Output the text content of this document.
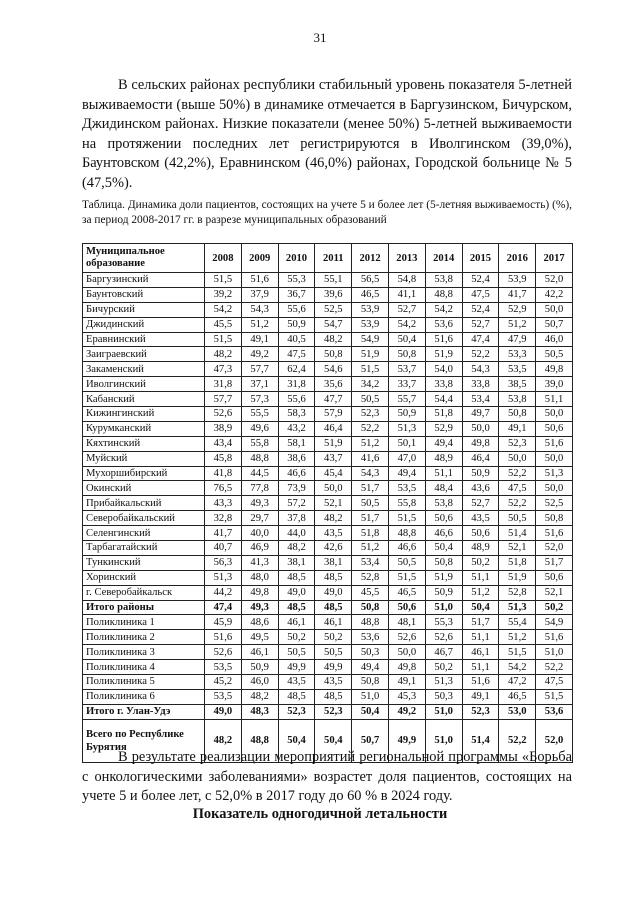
31

В сельских районах республики стабильный уровень показателя 5-летней выживаемости (выше 50%) в динамике отмечается в Баргузинском, Бичурском, Джидинском районах. Низкие показатели (менее 50%) 5-летней выживаемости на протяжении последних лет регистрируются в Иволгинском (39,0%), Баунтовском (42,2%), Еравнинском (46,0%) районах, Городской больнице № 5 (47,5%).

Таблица. Динамика доли пациентов, состоящих на учете 5 и более лет (5-летняя выживаемость) (%), за период 2008-2017 гг. в разрезе муниципальных образований

Муниципальное образование	2008	2009	2010	2011	2012	2013	2014	2015	2016	2017
Баргузинский	51,5	51,6	55,3	55,1	56,5	54,8	53,8	52,4	53,9	52,0
Баунтовский	39,2	37,9	36,7	39,6	46,5	41,1	48,8	47,5	41,7	42,2
Бичурский	54,2	54,3	55,6	52,5	53,9	52,7	54,2	52,4	52,9	50,0
Джидинский	45,5	51,2	50,9	54,7	53,9	54,2	53,6	52,7	51,2	50,7
Еравнинский	51,5	49,1	40,5	48,2	54,9	50,4	51,6	47,4	47,9	46,0
Заиграевский	48,2	49,2	47,5	50,8	51,9	50,8	51,9	52,2	53,3	50,5
Закаменский	47,3	57,7	62,4	54,6	51,5	53,7	54,0	54,3	53,5	49,8
Иволгинский	31,8	37,1	31,8	35,6	34,2	33,7	33,8	33,8	38,5	39,0
Кабанский	57,7	57,3	55,6	47,7	50,5	55,7	54,4	53,4	53,8	51,1
Кижингинский	52,6	55,5	58,3	57,9	52,3	50,9	51,8	49,7	50,8	50,0
Курумканский	38,9	49,6	43,2	46,4	52,2	51,3	52,9	50,0	49,1	50,6
Кяхтинский	43,4	55,8	58,1	51,9	51,2	50,1	49,4	49,8	52,3	51,6
Муйский	45,8	48,8	38,6	43,7	41,6	47,0	48,9	46,4	50,0	50,0
Мухоршибирский	41,8	44,5	46,6	45,4	54,3	49,4	51,1	50,9	52,2	51,3
Окинский	76,5	77,8	73,9	50,0	51,7	53,5	48,4	43,6	47,5	50,0
Прибайкальский	43,3	49,3	57,2	52,1	50,5	55,8	53,8	52,7	52,2	52,5
Северобайкальский	32,8	29,7	37,8	48,2	51,7	51,5	50,6	43,5	50,5	50,8
Селенгинский	41,7	40,0	44,0	43,5	51,8	48,8	46,6	50,6	51,4	51,6
Тарбагатайский	40,7	46,9	48,2	42,6	51,2	46,6	50,4	48,9	52,1	52,0
Тункинский	56,3	41,3	38,1	38,1	53,4	50,5	50,8	50,2	51,8	51,7
Хоринский	51,3	48,0	48,5	48,5	52,8	51,5	51,9	51,1	51,9	50,6
г. Северобайкальск	44,2	49,8	49,0	49,0	45,5	46,5	50,9	51,2	52,8	52,1
Итого районы	47,4	49,3	48,5	48,5	50,8	50,6	51,0	50,4	51,3	50,2
Поликлиника 1	45,9	48,6	46,1	46,1	48,8	48,1	55,3	51,7	55,4	54,9
Поликлиника 2	51,6	49,5	50,2	50,2	53,6	52,6	52,6	51,1	51,2	51,6
Поликлиника 3	52,6	46,1	50,5	50,5	50,3	50,0	46,7	46,1	51,5	51,0
Поликлиника 4	53,5	50,9	49,9	49,9	49,4	49,8	50,2	51,1	54,2	52,2
Поликлиника 5	45,2	46,0	43,5	43,5	50,8	49,1	51,3	51,6	47,2	47,5
Поликлиника 6	53,5	48,2	48,5	48,5	51,0	45,3	50,3	49,1	46,5	51,5
Итого г. Улан-Удэ	49,0	48,3	52,3	52,3	50,4	49,2	51,0	52,3	53,0	53,6
Всего по Республике Бурятия	48,2	48,8	50,4	50,4	50,7	49,9	51,0	51,4	52,2	52,0

В результате реализации мероприятий региональной программы «Борьба с онкологическими заболеваниями» возрастет доля пациентов, состоящих на учете 5 и более лет, с 52,0% в 2017 году до 60 % в 2024 году.

Показатель одногодичной летальности
